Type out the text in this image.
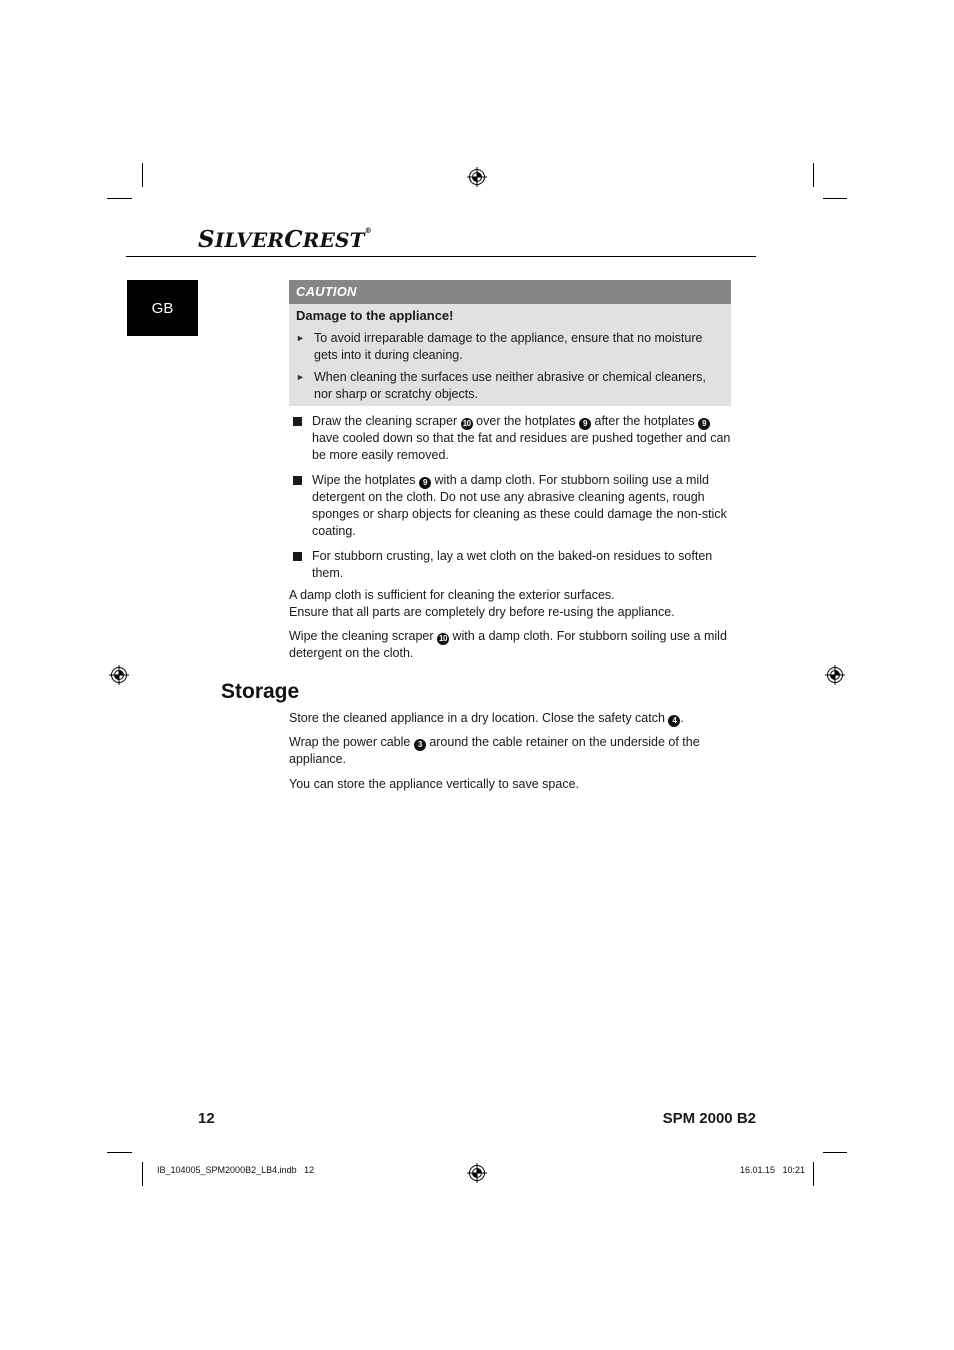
SILVERCREST®
GB
CAUTION
Damage to the appliance!
► To avoid irreparable damage to the appliance, ensure that no moisture gets into it during cleaning.
► When cleaning the surfaces use neither abrasive or chemical cleaners, nor sharp or scratchy objects.
Draw the cleaning scraper 10 over the hotplates 9 after the hotplates 9 have cooled down so that the fat and residues are pushed together and can be more easily removed.
Wipe the hotplates 9 with a damp cloth. For stubborn soiling use a mild detergent on the cloth. Do not use any abrasive cleaning agents, rough sponges or sharp objects for cleaning as these could damage the non-stick coating.
For stubborn crusting, lay a wet cloth on the baked-on residues to soften them.
A damp cloth is sufficient for cleaning the exterior surfaces.
Ensure that all parts are completely dry before re-using the appliance.
Wipe the cleaning scraper 10 with a damp cloth. For stubborn soiling use a mild detergent on the cloth.
Storage
Store the cleaned appliance in a dry location. Close the safety catch 4 .
Wrap the power cable 3 around the cable retainer on the underside of the appliance.
You can store the appliance vertically to save space.
12	SPM 2000 B2
IB_104005_SPM2000B2_LB4.indb   12	16.01.15   10:21
